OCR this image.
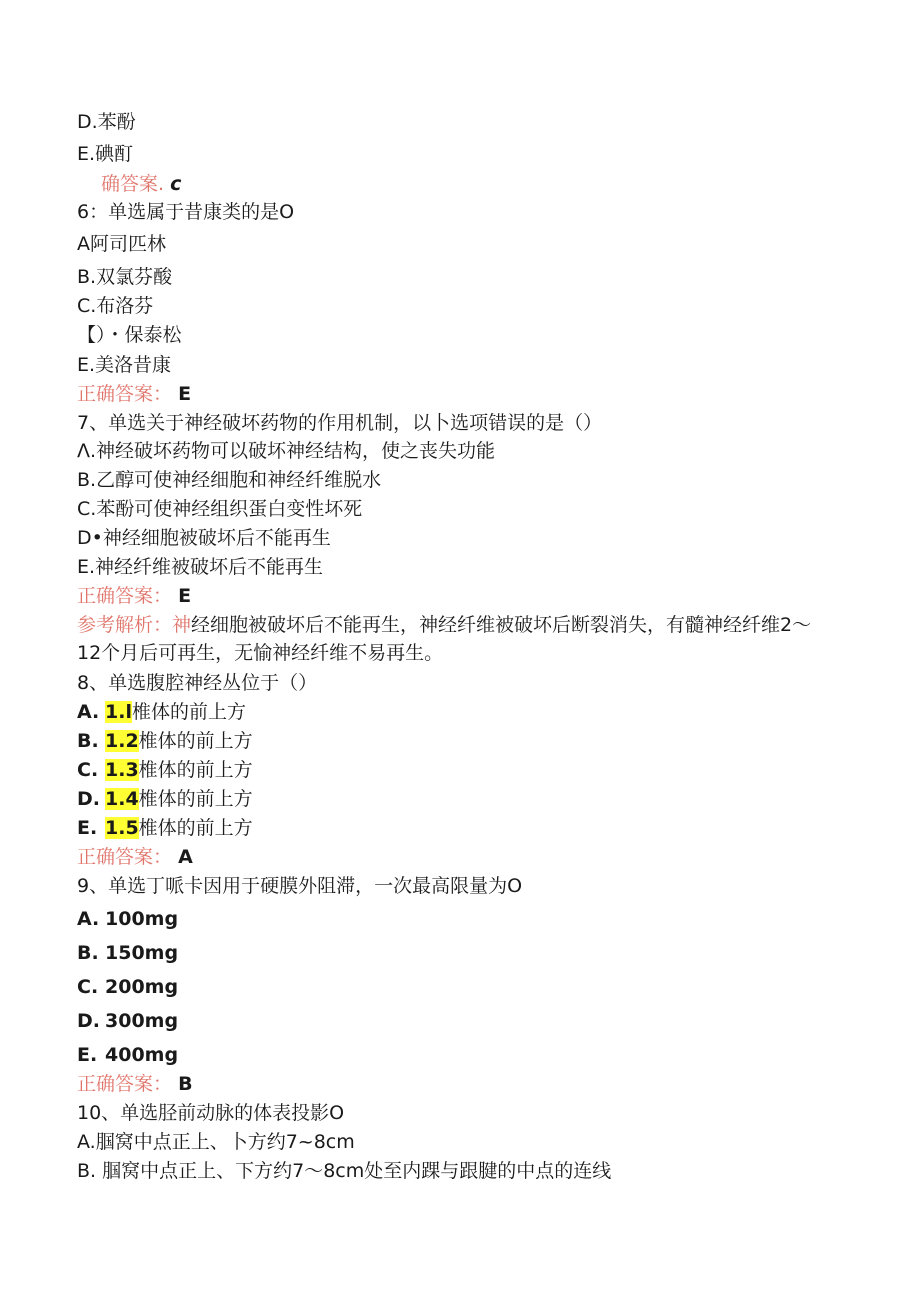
D.苯酚
E.碘酊
确答案. c
6：单选属于昔康类的是O
A阿司匹林
B.双氯芬酸
C.布洛芬
【）・保泰松
E.美洛昔康
正确答案： E
7、单选关于神经破坏药物的作用机制，以卜选项错误的是（）
Λ.神经破坏药物可以破坏神经结构，使之丧失功能
B.乙醇可使神经细胞和神经纤维脱水
C.苯酚可使神经组织蛋白变性坏死
D•神经细胞被破坏后不能再生
E.神经纤维被破坏后不能再生
正确答案： E
参考解析：神经细胞被破坏后不能再生，神经纤维被破坏后断裂消失，有髓神经纤维2〜12个月后可再生，无愉神经纤维不易再生。
8、单选腹腔神经丛位于（）
A. 1.l椎体的前上方
B. 1.2椎体的前上方
C. 1.3椎体的前上方
D. 1.4椎体的前上方
E. 1.5椎体的前上方
正确答案： A
9、单选丁哌卡因用于硬膜外阻滞，一次最高限量为O
A. 100mg
B. 150mg
C. 200mg
D. 300mg
E. 400mg
正确答案： B
10、单选胫前动脉的体表投影O
A.腘窝中点正上、卜方约7~8cm
B. 腘窝中点正上、下方约7〜8cm处至内踝与跟腱的中点的连线
